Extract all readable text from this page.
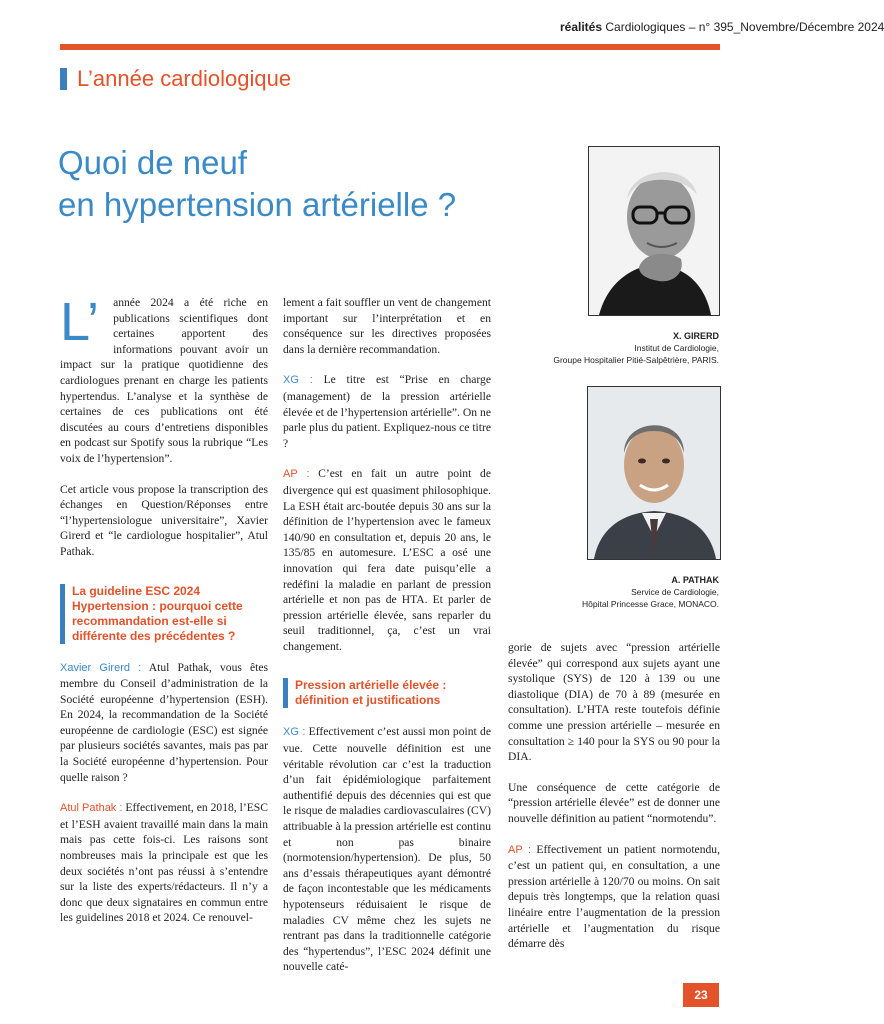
réalités Cardiologiques – n° 395_Novembre/Décembre 2024
L’année cardiologique
Quoi de neuf
en hypertension artérielle ?
X. GIRERD
Institut de Cardiologie,
Groupe Hospitalier Pitié-Salpêtrière, PARIS.
A. PATHAK
Service de Cardiologie,
Hôpital Princesse Grace, MONACO.

L’	année 2024 a été riche en publications scientifiques dont certaines apportent des informations pouvant avoir un impact sur la pratique quotidienne des cardiologues prenant en charge les patients hypertendus. L’analyse et la synthèse de certaines de ces publications ont été discutées au cours d’entretiens disponibles en podcast sur Spotify sous la rubrique “Les voix de l’hypertension”.

Cet article vous propose la transcription des échanges en Question/Réponses entre “l’hypertensiologue universitaire”, Xavier Girerd et “le cardiologue hospitalier”, Atul Pathak.

La guideline ESC 2024 Hypertension : pourquoi cette recommandation est-elle si différente des précédentes ?

Xavier Girerd : Atul Pathak, vous êtes membre du Conseil d’administration de la Société européenne d’hypertension (ESH). En 2024, la recommandation de la Société européenne de cardiologie (ESC) est signée par plusieurs sociétés savantes, mais pas par la Société européenne d’hypertension. Pour quelle raison ?

Atul Pathak : Effectivement, en 2018, l’ESC et l’ESH avaient travaillé main dans la main mais pas cette fois-ci. Les raisons sont nombreuses mais la principale est que les deux sociétés n’ont pas réussi à s’entendre sur la liste des experts/rédacteurs. Il n’y a donc que deux signataires en commun entre les guidelines 2018 et 2024. Ce renouvel-

lement a fait souffler un vent de changement important sur l’interprétation et en conséquence sur les directives proposées dans la dernière recommandation.

XG : Le titre est “Prise en charge (management) de la pression artérielle élevée et de l’hypertension artérielle”. On ne parle plus du patient. Expliquez-nous ce titre ?

AP : C’est en fait un autre point de divergence qui est quasiment philosophique. La ESH était arc-boutée depuis 30 ans sur la définition de l’hypertension avec le fameux 140/90 en consultation et, depuis 20 ans, le 135/85 en automesure. L’ESC a osé une innovation qui fera date puisqu’elle a redéfini la maladie en parlant de pression artérielle et non pas de HTA. Et parler de pression artérielle élevée, sans reparler du seuil traditionnel, ça, c’est un vrai changement.

Pression artérielle élevée : définition et justifications

XG : Effectivement c’est aussi mon point de vue. Cette nouvelle définition est une véritable révolution car c’est la traduction d’un fait épidémiologique parfaitement authentifié depuis des décennies qui est que le risque de maladies cardiovasculaires (CV) attribuable à la pression artérielle est continu et non pas binaire (normotension/hypertension). De plus, 50 ans d’essais thérapeutiques ayant démontré de façon incontestable que les médicaments hypotenseurs réduisaient le risque de maladies CV même chez les sujets ne rentrant pas dans la traditionnelle catégorie des “hypertendus”, l’ESC 2024 définit une nouvelle caté-

23

gorie de sujets avec “pression artérielle élevée” qui correspond aux sujets ayant une systolique (SYS) de 120 à 139 ou une diastolique (DIA) de 70 à 89 (mesurée en consultation). L’HTA reste toutefois définie comme une pression artérielle – mesurée en consultation ≥ 140 pour la SYS ou 90 pour la DIA.

Une conséquence de cette catégorie de “pression artérielle élevée” est de donner une nouvelle définition au patient “normotendu”.

AP : Effectivement un patient normotendu, c’est un patient qui, en consultation, a une pression artérielle à 120/70 ou moins. On sait depuis très longtemps, que la relation quasi linéaire entre l’augmentation de la pression artérielle et l’augmentation du risque démarre dès
